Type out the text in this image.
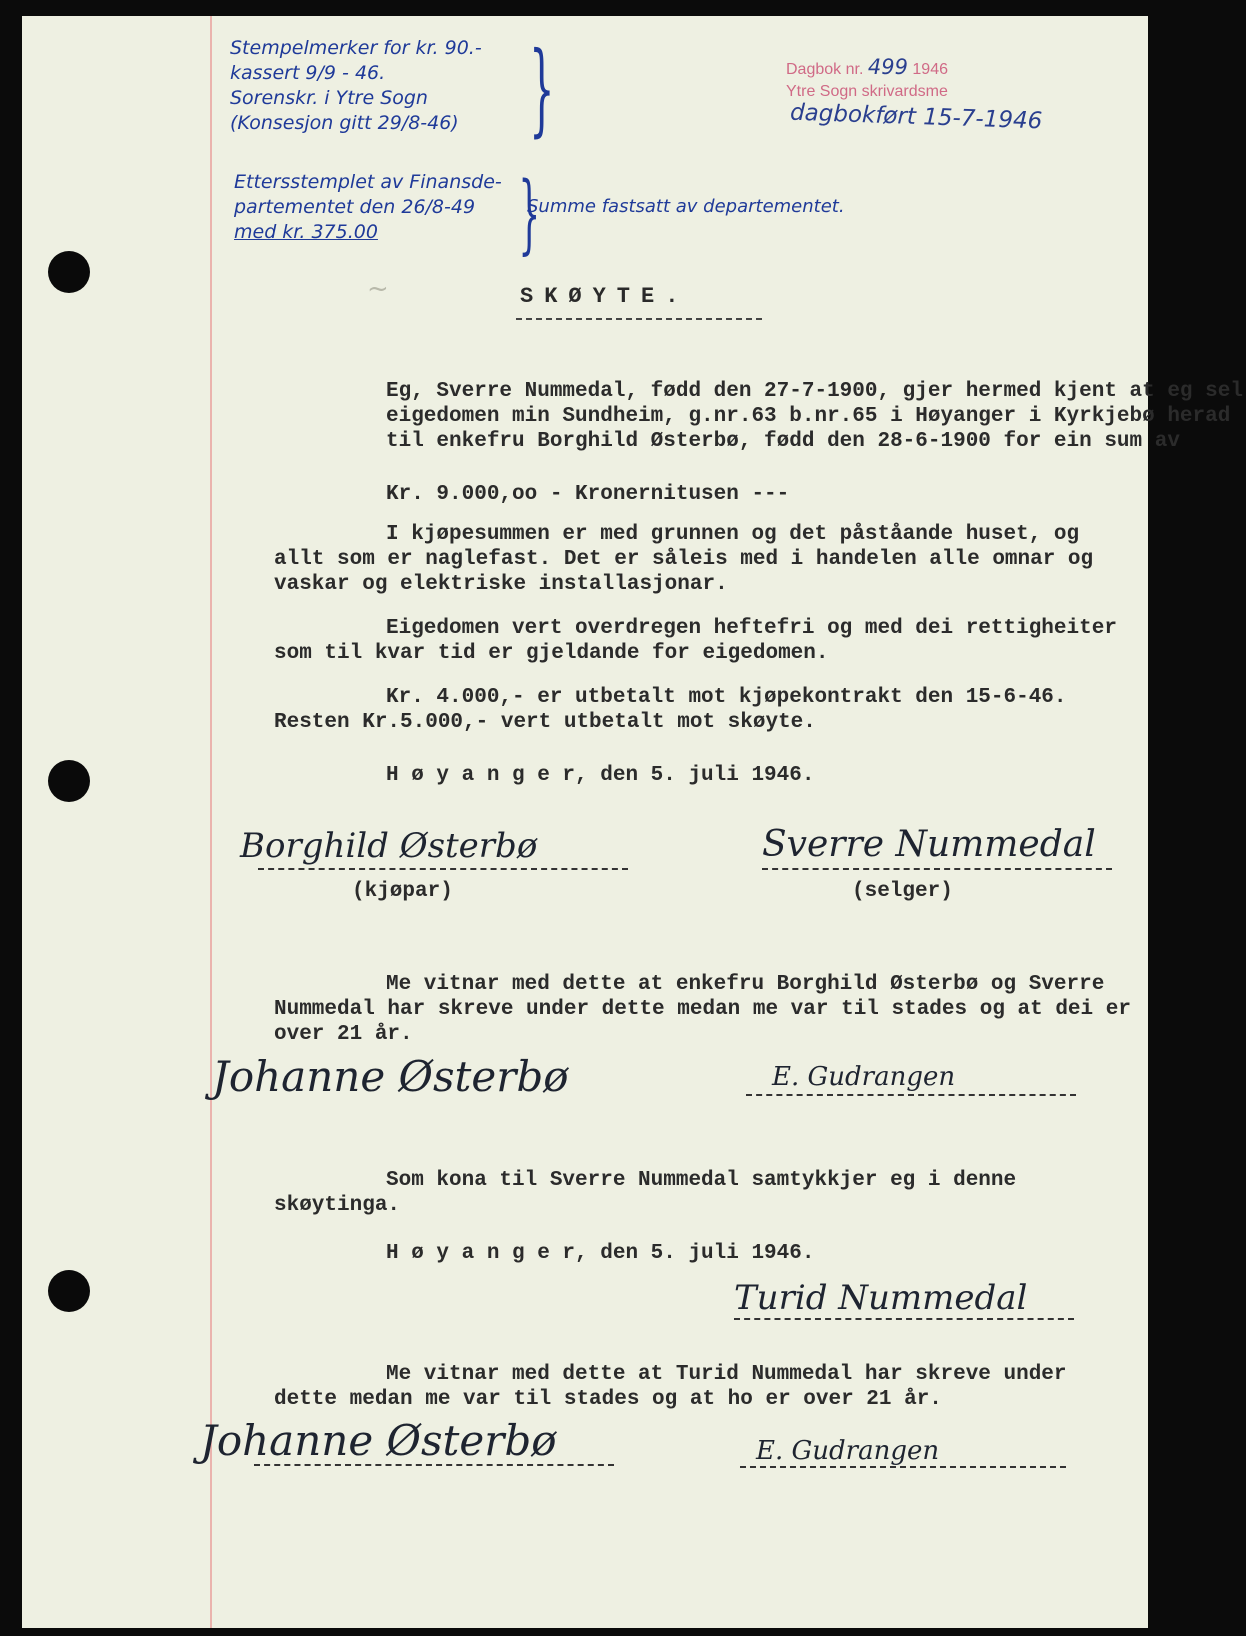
Stempelmerker for kr. 90.-
kassert 9/9 - 46.
Sorenskr. i Ytre Sogn
(Konsesjon gitt 29/8-46) }
Ettersstemplet av Finansde-
partementet den 26/8-49
med kr. 375.00	}
Summe fastsatt av departementet.
Dagbok nr. 499 1946
Ytre Sogn skrivardsme
dagbokført 15-7-1946
~	SKØYTE.

Eg, Sverre Nummedal, fødd den 27-7-1900, gjer hermed kjent at eg sel eigedomen min Sundheim, g.nr.63 b.nr.65 i Høyanger i Kyrkjebø herad til enkefru Borghild Østerbø, fødd den 28-6-1900 for ein sum av

Kr. 9.000,oo - Kronernitusen ---

I kjøpesummen er med grunnen og det påståande huset, og allt som er naglefast. Det er såleis med i handelen alle omnar og vaskar og elektriske installasjonar.

Eigedomen vert overdregen heftefri og med dei rettigheiter som til kvar tid er gjeldande for eigedomen.

Kr. 4.000,- er utbetalt mot kjøpekontrakt den 15-6-46. Resten Kr.5.000,- vert utbetalt mot skøyte.

H ø y a n g e r, den 5. juli 1946.
Borghild Østerbø
(kjøpar)
Sverre Nummedal
(selger)

Me vitnar med dette at enkefru Borghild Østerbø og Sverre Nummedal har skreve under dette medan me var til stades og at dei er over 21 år.

Johanne Østerbø	E. Gudrangen

Som kona til Sverre Nummedal samtykkjer eg i denne skøytinga.

H ø y a n g e r, den 5. juli 1946.
Turid Nummedal

Me vitnar med dette at Turid Nummedal har skreve under dette medan me var til stades og at ho er over 21 år.

Johanne Østerbø	E. Gudrangen
